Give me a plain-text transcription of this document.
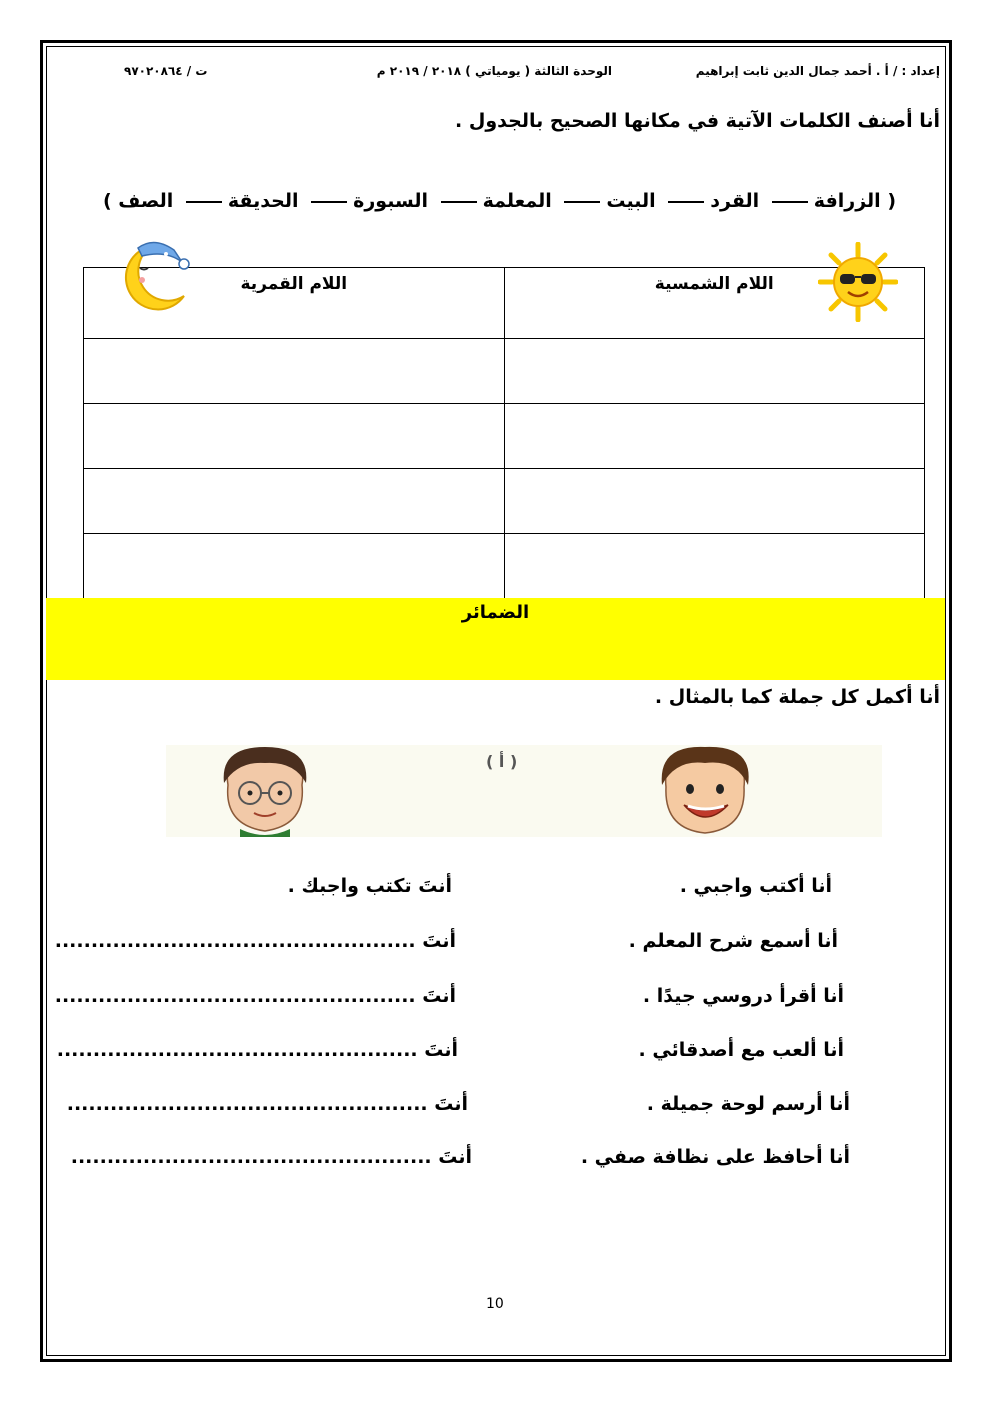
إعداد : / أ . أحمد جمال الدين ثابت إبراهيم
الوحدة الثالثة ( يومياتي ) ٢٠١٨ / ٢٠١٩ م
ت / ٩٧٠٢٠٨٦٤
أنا أصنف الكلمات الآتية في مكانها الصحيح بالجدول .
( الزرافة القرد البيت المعلمة السبورة الحديقة الصف )
اللام الشمسية	اللام القمرية

الضمائر
أنا أكمل كل جملة كما بالمثال .
( أ )
أنا أكتب واجبي .
أنتَ تكتب واجبك .
أنا أسمع شرح المعلم .
أنتَ ..................................................
أنا أقرأ دروسي جيدًا .
أنتَ ..................................................
أنا ألعب مع أصدقائي .
أنتَ ..................................................
أنا أرسم لوحة جميلة .
أنتَ ..................................................
أنا أحافظ على نظافة صفي .
أنتَ ..................................................
10
